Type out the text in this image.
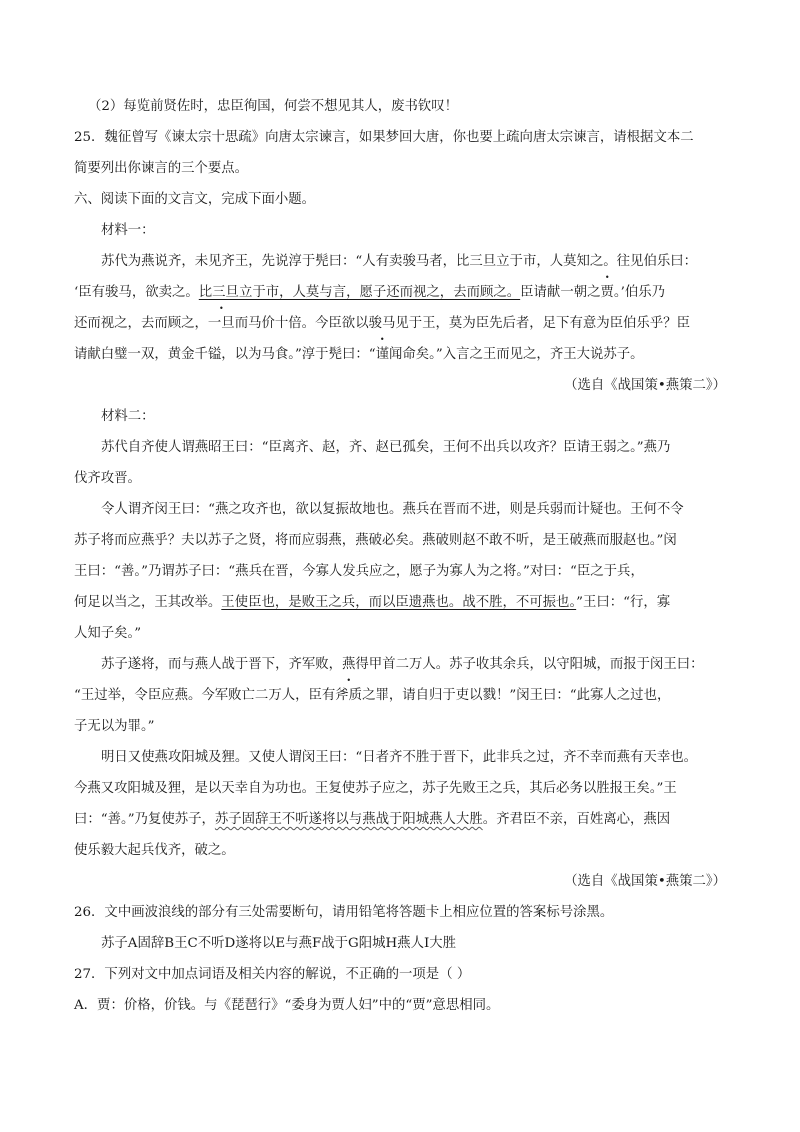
（2）每览前贤佐时，忠臣徇国，何尝不想见其人，废书钦叹！
25．魏征曾写《谏太宗十思疏》向唐太宗谏言，如果梦回大唐，你也要上疏向唐太宗谏言，请根据文本二
简要列出你谏言的三个要点。
六、阅读下面的文言文，完成下面小题。
材料一：
苏代为燕说齐，未见齐王，先说淳于髡曰：“人有卖骏马者，比三旦立于市，人莫知之。往见伯乐曰：
‘臣有骏马，欲卖之。比三旦立于市，人莫与言，愿子还而视之，去而顾之。臣请献一朝之贾。’伯乐乃
还而视之，去而顾之，一旦而马价十倍。今臣欲以骏马见于王，莫为臣先后者，足下有意为臣伯乐乎？臣
请献白璧一双，黄金千镒，以为马食。”淳于髡曰：“谨闻命矣。”入言之王而见之，齐王大说苏子。
（选自《战国策•燕策二》）
材料二：
苏代自齐使人谓燕昭王曰：“臣离齐、赵，齐、赵已孤矣，王何不出兵以攻齐？臣请王弱之。”燕乃
伐齐攻晋。
令人谓齐闵王曰：“燕之攻齐也，欲以复振故地也。燕兵在晋而不进，则是兵弱而计疑也。王何不令
苏子将而应燕乎？夫以苏子之贤，将而应弱燕，燕破必矣。燕破则赵不敢不听，是王破燕而服赵也。”闵
王曰：“善。”乃谓苏子曰：“燕兵在晋，今寡人发兵应之，愿子为寡人为之将。”对曰：“臣之于兵，
何足以当之，王其改举。王使臣也，是败王之兵，而以臣遗燕也。战不胜，不可振也。”王曰：“行，寡
人知子矣。”
苏子遂将，而与燕人战于晋下，齐军败，燕得甲首二万人。苏子收其余兵，以守阳城，而报于闵王曰：
“王过举，令臣应燕。今军败亡二万人，臣有斧质之罪，请自归于吏以戮！”闵王曰：“此寡人之过也，
子无以为罪。”
明日又使燕攻阳城及狸。又使人谓闵王曰：“日者齐不胜于晋下，此非兵之过，齐不幸而燕有天幸也。
今燕又攻阳城及狸，是以天幸自为功也。王复使苏子应之，苏子先败王之兵，其后必务以胜报王矣。”王
曰：“善。”乃复使苏子，苏子固辞王不听遂将以与燕战于阳城燕人大胜。齐君臣不亲，百姓离心，燕因
使乐毅大起兵伐齐，破之。
（选自《战国策•燕策二》）
26．文中画波浪线的部分有三处需要断句，请用铅笔将答题卡上相应位置的答案标号涂黑。
苏子A固辞B王C不听D遂将以E与燕F战于G阳城H燕人I大胜
27．下列对文中加点词语及相关内容的解说，不正确的一项是（ ）
A．贾：价格，价钱。与《琵琶行》“委身为贾人妇”中的“贾”意思相同。
